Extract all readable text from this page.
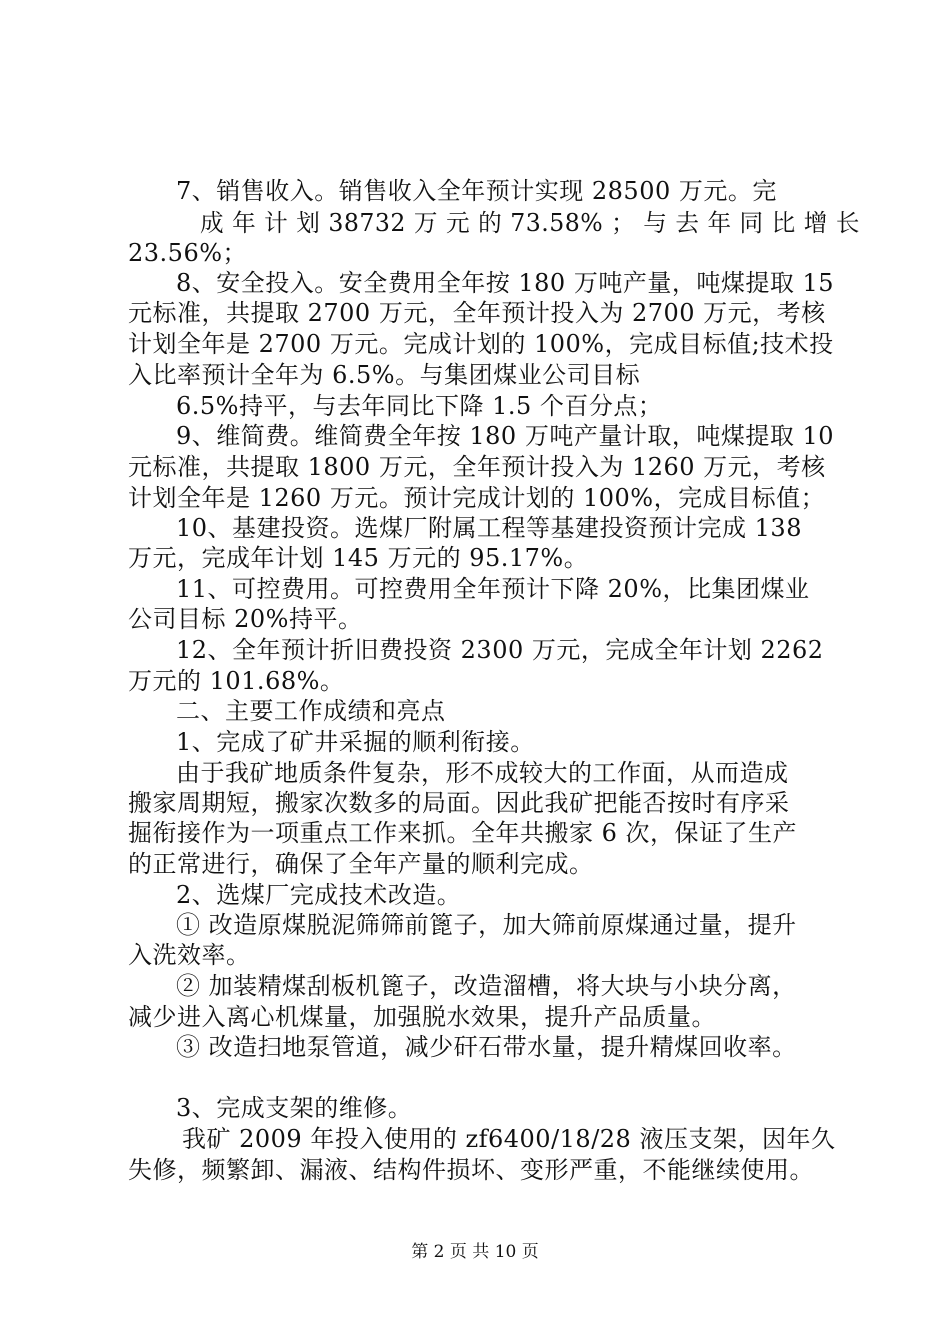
7、销售收入。销售收入全年预计实现 28500 万元。完
成 年 计 划 38732 万 元 的 73.58% ； 与 去 年 同 比 增 长
23.56%；
8、安全投入。安全费用全年按 180 万吨产量，吨煤提取 15
元标准，共提取 2700 万元，全年预计投入为 2700 万元，考核
计划全年是 2700 万元。完成计划的 100%，完成目标值;技术投
入比率预计全年为 6.5%。与集团煤业公司目标
6.5%持平，与去年同比下降 1.5 个百分点；
9、维简费。维简费全年按 180 万吨产量计取，吨煤提取 10
元标准，共提取 1800 万元，全年预计投入为 1260 万元，考核
计划全年是 1260 万元。预计完成计划的 100%，完成目标值；
10、基建投资。选煤厂附属工程等基建投资预计完成 138
万元，完成年计划 145 万元的 95.17%。
11、可控费用。可控费用全年预计下降 20%，比集团煤业
公司目标 20%持平。
12、全年预计折旧费投资 2300 万元，完成全年计划 2262
万元的 101.68%。
二、主要工作成绩和亮点
1、完成了矿井采掘的顺利衔接。
由于我矿地质条件复杂，形不成较大的工作面，从而造成
搬家周期短，搬家次数多的局面。因此我矿把能否按时有序采
掘衔接作为一项重点工作来抓。全年共搬家 6 次，保证了生产
的正常进行，确保了全年产量的顺利完成。
2、选煤厂完成技术改造。
① 改造原煤脱泥筛筛前篦子，加大筛前原煤通过量，提升
入洗效率。
② 加装精煤刮板机篦子，改造溜槽，将大块与小块分离，
减少进入离心机煤量，加强脱水效果，提升产品质量。
③ 改造扫地泵管道，减少矸石带水量，提升精煤回收率。
3、完成支架的维修。
我矿 2009 年投入使用的 zf6400/18/28 液压支架，因年久
失修，频繁卸、漏液、结构件损坏、变形严重，不能继续使用。
第 2 页 共 10 页
